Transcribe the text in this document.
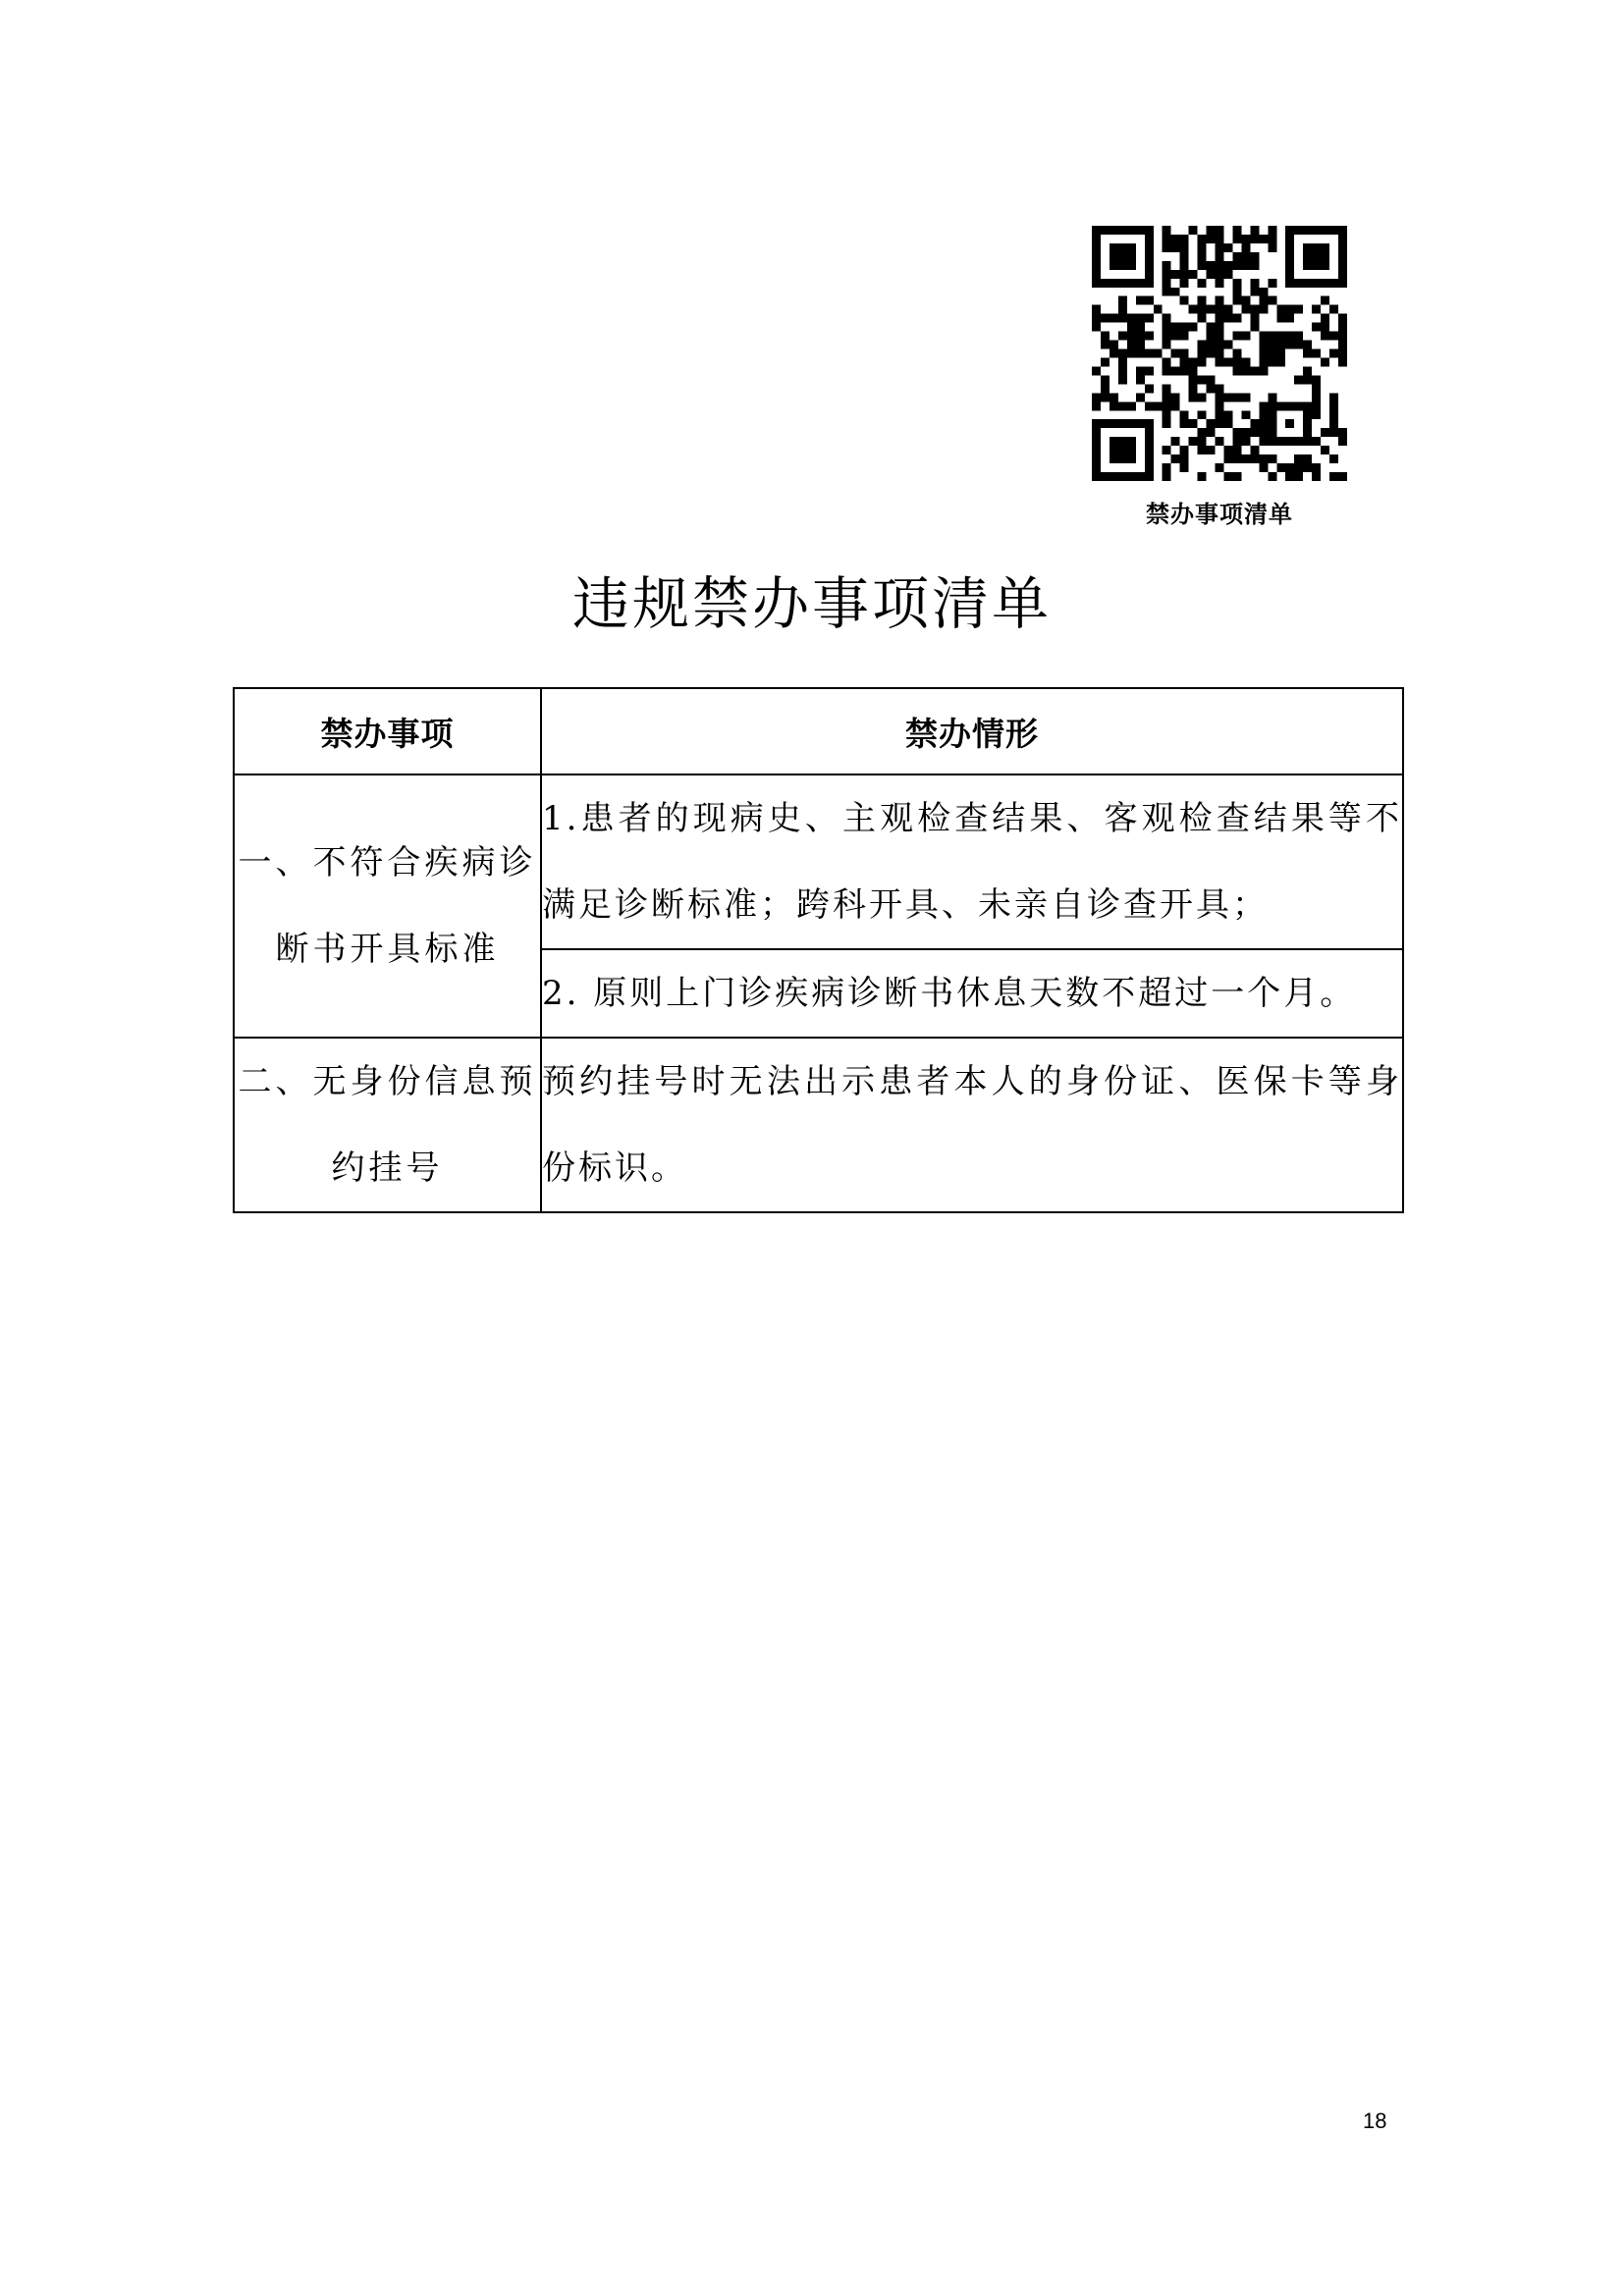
禁办事项清单
违规禁办事项清单
禁办事项	禁办情形
一、不符合疾病诊断书开具标准	1.患者的现病史、主观检查结果、客观检查结果等不满足诊断标准；跨科开具、未亲自诊查开具；
	2. 原则上门诊疾病诊断书休息天数不超过一个月。
二、无身份信息预约挂号	预约挂号时无法出示患者本人的身份证、医保卡等身份标识。
18
